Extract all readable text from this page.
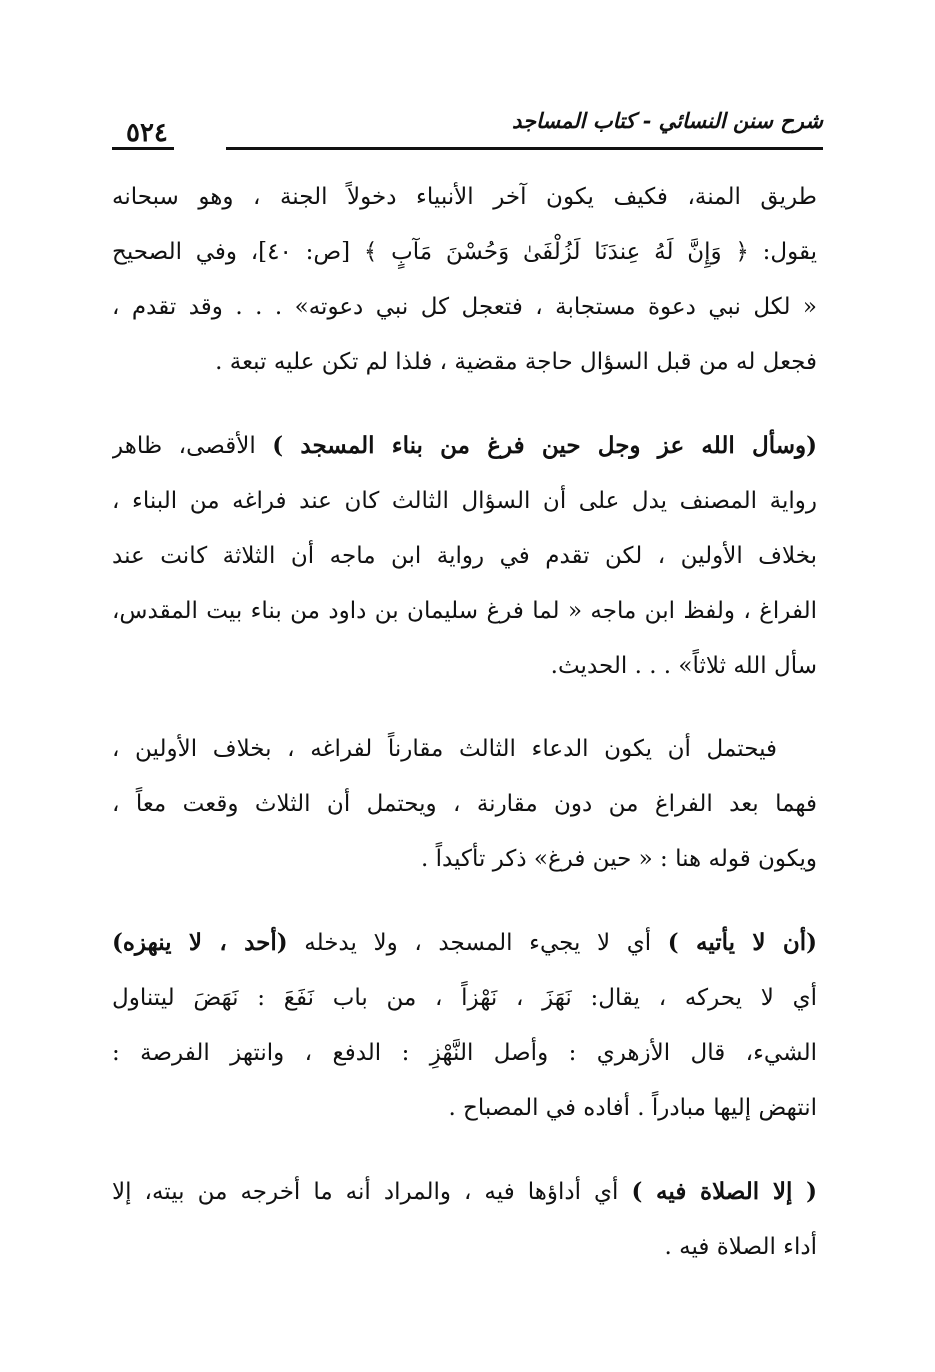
شرح سنن النسائي - كتاب المساجد
٥٢٤

طريق المنة، فكيف يكون آخر الأنبياء دخولاً الجنة ، وهو سبحانه
يقول: ﴿ وَإِنَّ لَهُ عِندَنَا لَزُلْفَىٰ وَحُسْنَ مَآبٍ ﴾ [ص: ٤٠]، وفي الصحيح
« لكل نبي دعوة مستجابة ، فتعجل كل نبي دعوته» . . . وقد تقدم ،
فجعل له من قبل السؤال حاجة مقضية ، فلذا لم تكن عليه تبعة .

(وسأل الله عز وجل حين فرغ من بناء المسجد ) الأقصى، ظاهر
رواية المصنف يدل على أن السؤال الثالث كان عند فراغه من البناء ،
بخلاف الأولين ، لكن تقدم في رواية ابن ماجه أن الثلاثة كانت عند
الفراغ ، ولفظ ابن ماجه « لما فرغ سليمان بن داود من بناء بيت المقدس،
سأل الله ثلاثاً» . . . الحديث.

فيحتمل أن يكون الدعاء الثالث مقارناً لفراغه ، بخلاف الأولين ،
فهما بعد الفراغ من دون مقارنة ، ويحتمل أن الثلاث وقعت معاً ،
ويكون قوله هنا : « حين فرغ» ذكر تأكيداً .

(أن لا يأتيه ) أي لا يجيء المسجد ، ولا يدخله (أحد ، لا ينهزه)
أي لا يحركه ، يقال: نَهَزَ ، نَهْزاً ، من باب نَفَعَ : نَهَضَ ليتناول
الشيء، قال الأزهري : وأصل النَّهْزِ : الدفع ، وانتهز الفرصة :
انتهض إليها مبادراً . أفاده في المصباح .

( إلا الصلاة فيه ) أي أداؤها فيه ، والمراد أنه ما أخرجه من بيته، إلا
أداء الصلاة فيه .
